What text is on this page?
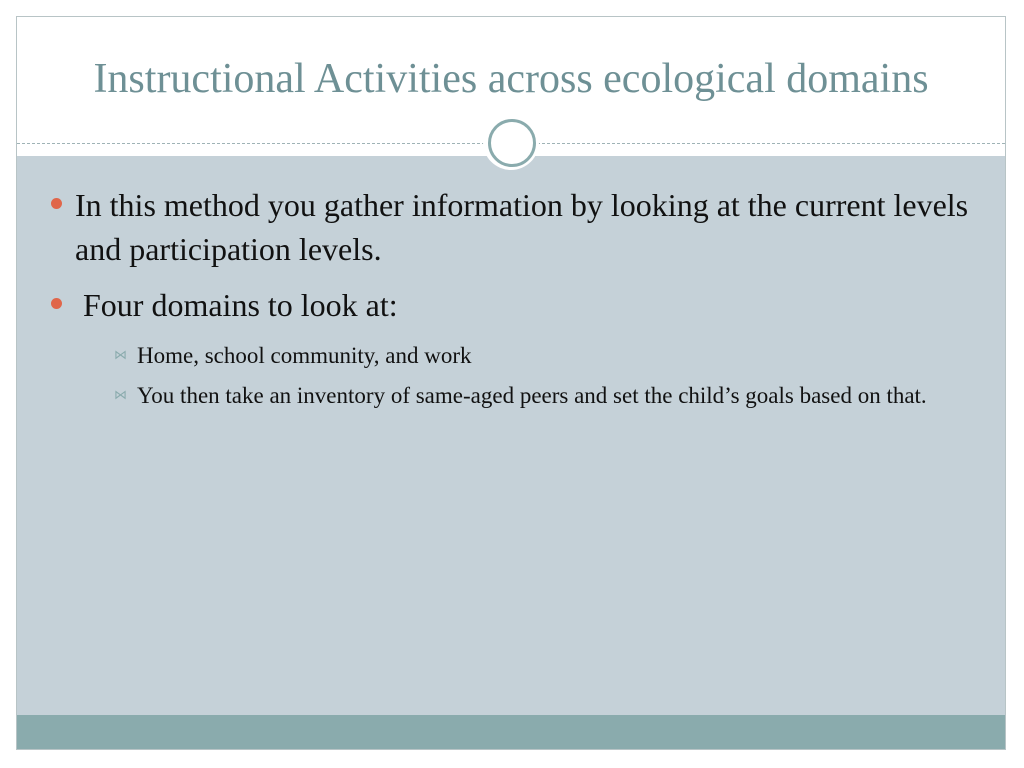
Instructional Activities across ecological domains
In this method you gather information by looking at the current levels and participation levels.
Four domains to look at:
⋈ Home, school community, and work
⋈ You then take an inventory of same-aged peers and set the child’s goals based on that.
